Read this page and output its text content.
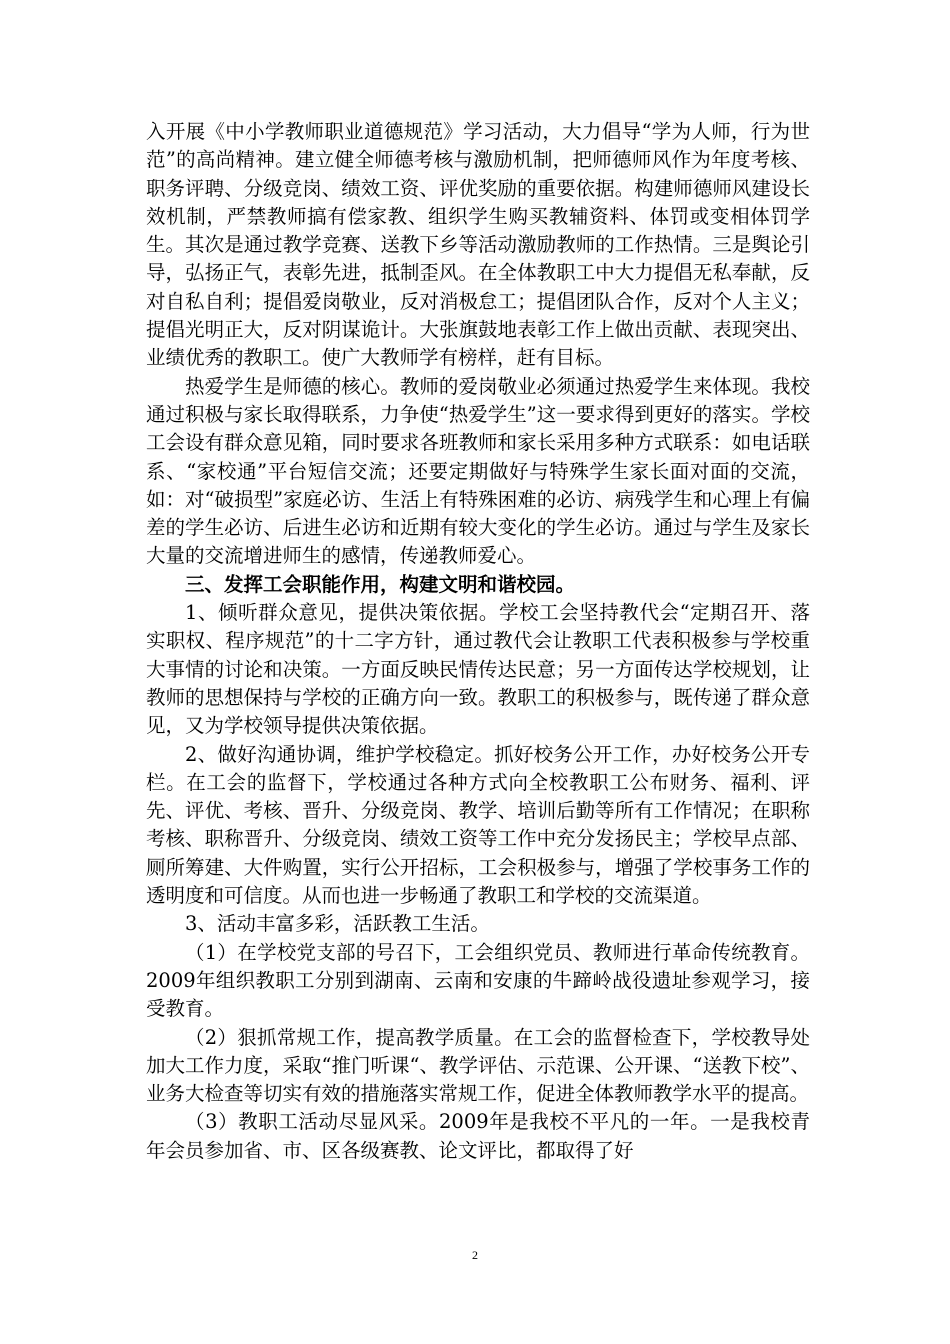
入开展《中小学教师职业道德规范》学习活动，大力倡导“学为人师，行为世范”的高尚精神。建立健全师德考核与激励机制，把师德师风作为年度考核、职务评聘、分级竞岗、绩效工资、评优奖励的重要依据。构建师德师风建设长效机制，严禁教师搞有偿家教、组织学生购买教辅资料、体罚或变相体罚学生。其次是通过教学竞赛、送教下乡等活动激励教师的工作热情。三是舆论引导，弘扬正气，表彰先进，抵制歪风。在全体教职工中大力提倡无私奉献，反对自私自利；提倡爱岗敬业，反对消极怠工；提倡团队合作，反对个人主义；提倡光明正大，反对阴谋诡计。大张旗鼓地表彰工作上做出贡献、表现突出、业绩优秀的教职工。使广大教师学有榜样，赶有目标。

热爱学生是师德的核心。教师的爱岗敬业必须通过热爱学生来体现。我校通过积极与家长取得联系，力争使“热爱学生”这一要求得到更好的落实。学校工会设有群众意见箱，同时要求各班教师和家长采用多种方式联系：如电话联系、“家校通”平台短信交流；还要定期做好与特殊学生家长面对面的交流，如：对“破损型”家庭必访、生活上有特殊困难的必访、病残学生和心理上有偏差的学生必访、后进生必访和近期有较大变化的学生必访。通过与学生及家长大量的交流增进师生的感情，传递教师爱心。

三、发挥工会职能作用，构建文明和谐校园。

1、倾听群众意见，提供决策依据。学校工会坚持教代会“定期召开、落实职权、程序规范”的十二字方针，通过教代会让教职工代表积极参与学校重大事情的讨论和决策。一方面反映民情传达民意；另一方面传达学校规划，让教师的思想保持与学校的正确方向一致。教职工的积极参与，既传递了群众意见，又为学校领导提供决策依据。

2、做好沟通协调，维护学校稳定。抓好校务公开工作，办好校务公开专栏。在工会的监督下，学校通过各种方式向全校教职工公布财务、福利、评先、评优、考核、晋升、分级竞岗、教学、培训后勤等所有工作情况；在职称考核、职称晋升、分级竞岗、绩效工资等工作中充分发扬民主；学校早点部、厕所筹建、大件购置，实行公开招标，工会积极参与，增强了学校事务工作的透明度和可信度。从而也进一步畅通了教职工和学校的交流渠道。

3、活动丰富多彩，活跃教工生活。

（1）在学校党支部的号召下，工会组织党员、教师进行革命传统教育。2009年组织教职工分别到湖南、云南和安康的牛蹄岭战役遗址参观学习，接受教育。

（2）狠抓常规工作，提高教学质量。在工会的监督检查下，学校教导处加大工作力度，采取“推门听课“、教学评估、示范课、公开课、“送教下校”、业务大检查等切实有效的措施落实常规工作，促进全体教师教学水平的提高。

（3）教职工活动尽显风采。2009年是我校不平凡的一年。一是我校青年会员参加省、市、区各级赛教、论文评比，都取得了好

2
